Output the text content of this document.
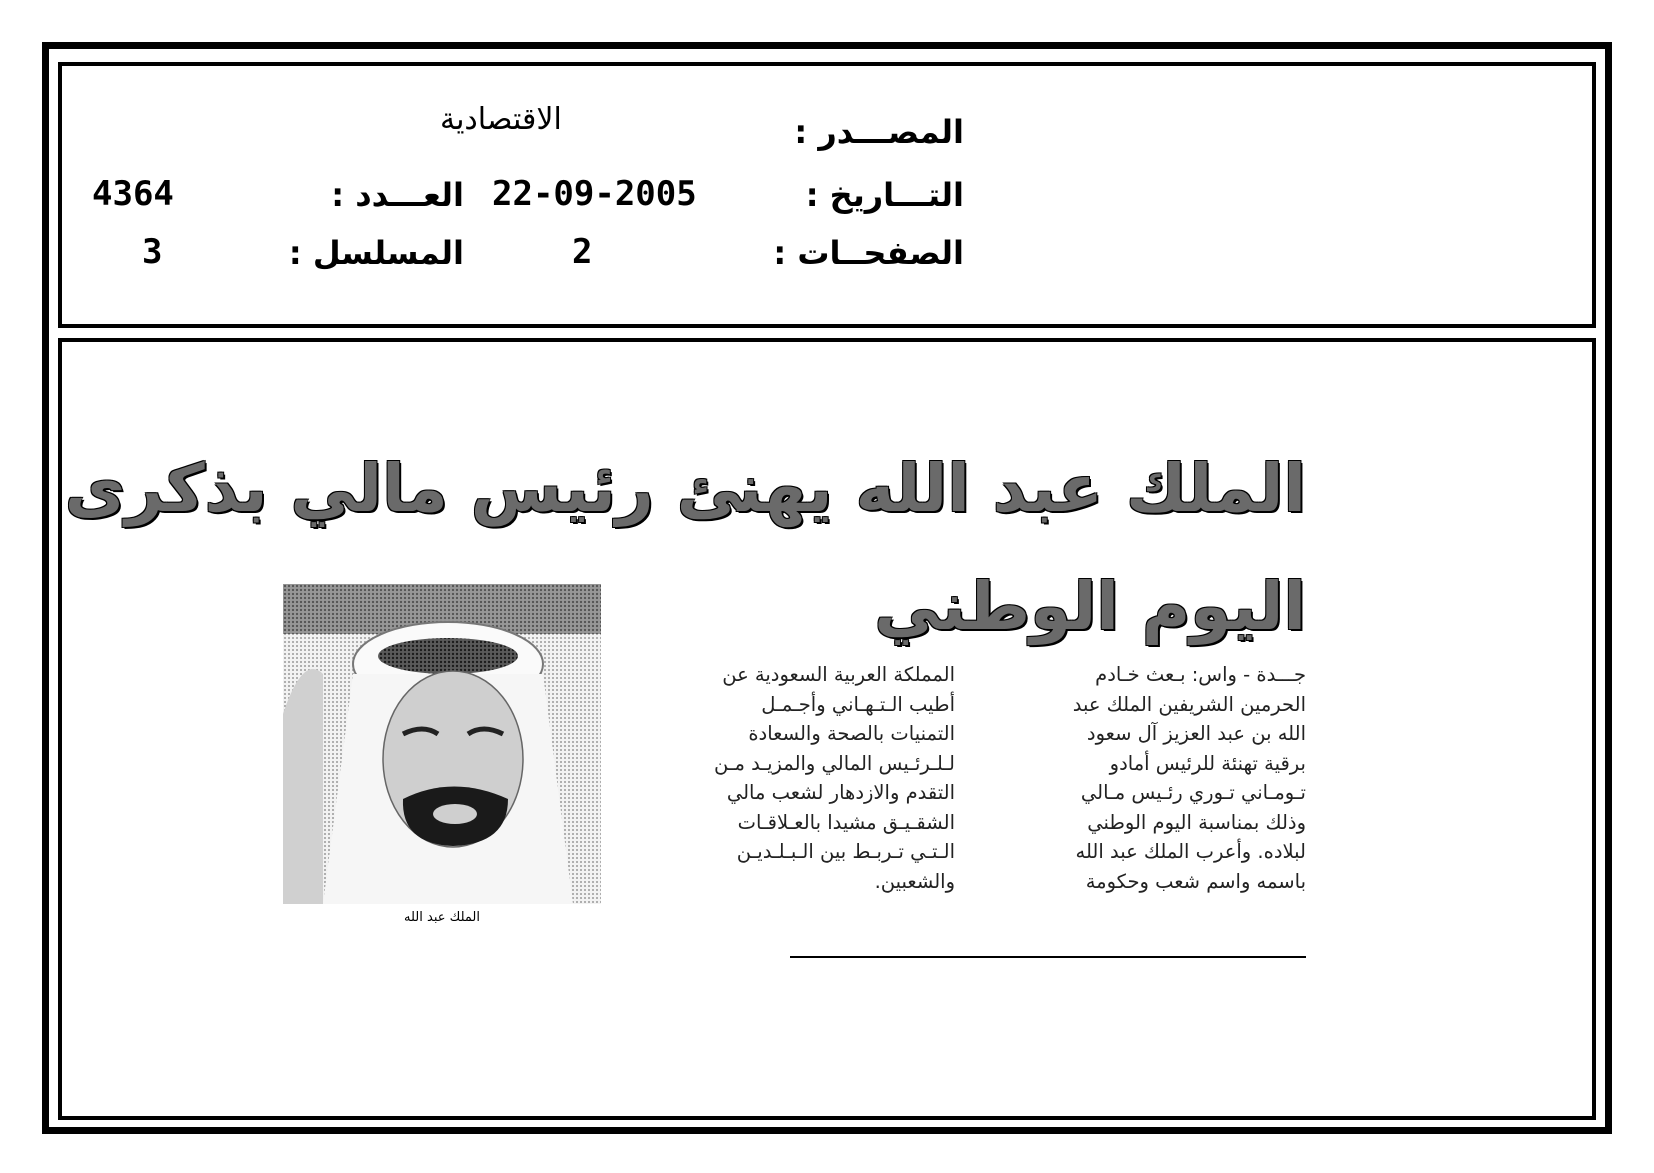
المصـــدر :
الاقتصادية
التـــاريخ :
22-09-2005
العـــدد :
4364
الصفحــات :
2
المسلسل :
3
الملك عبد الله يهنئ رئيس مالي بذكرى
اليوم الوطني
الملك عبد الله
جـــدة - واس: بـعث خـادم
الحرمين الشريفين الملك عبد
الله بن عبد العزيز آل سعود
برقية تهنئة للرئيس أمادو
تـومـاني تـوري رئـيس مـالي
وذلك بمناسبة اليوم الوطني
لبلاده. وأعرب الملك عبد الله
باسمه واسم شعب وحكومة
المملكة العربية السعودية عن
أطيب الـتـهـاني وأجـمـل
التمنيات بالصحة والسعادة
لـلـرئـيس المالي والمزيـد مـن
التقدم والازدهار لشعب مالي
الشقـيـق مشيدا بالعـلاقـات
الـتـي تـربـط بين الـبـلـديـن
والشعبين.
